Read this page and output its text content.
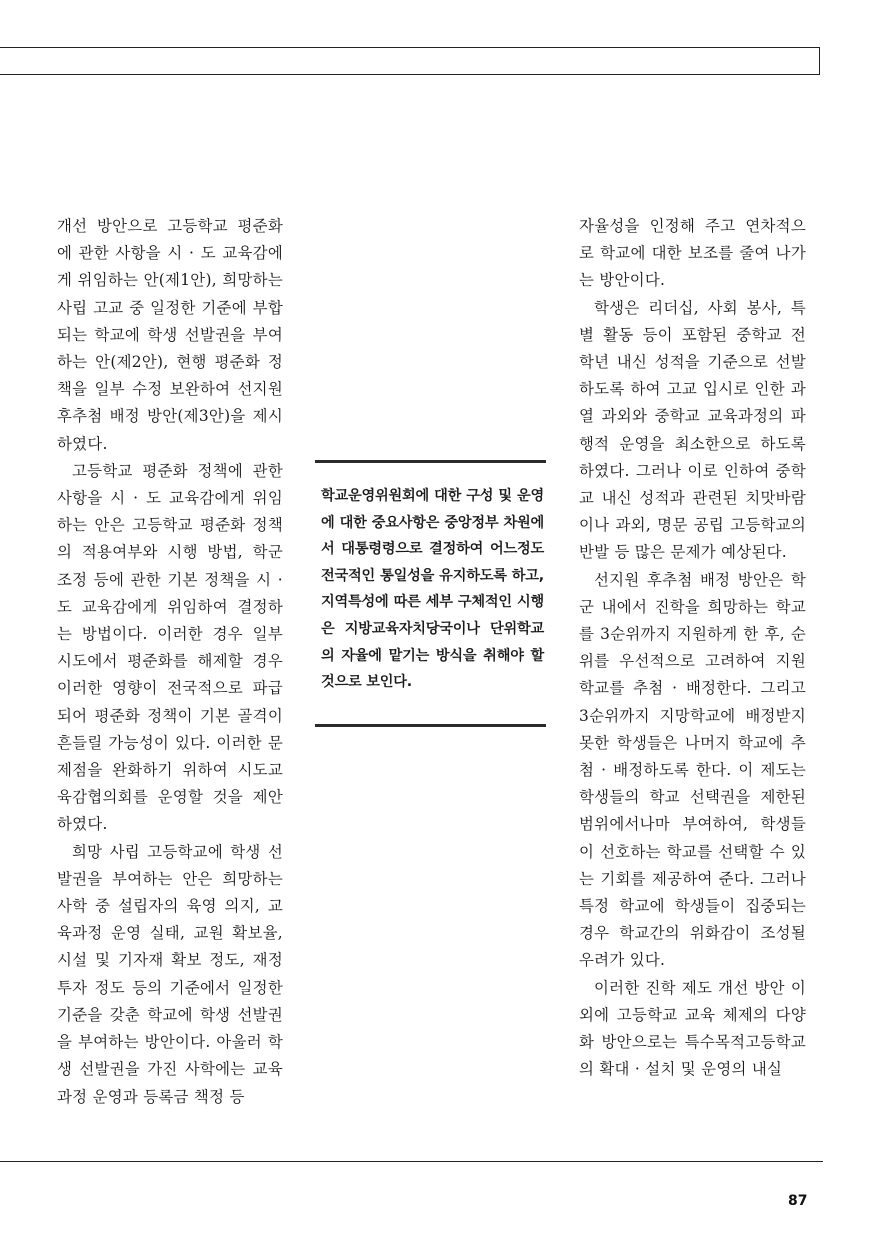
개선 방안으로 고등학교 평준화에 관한 사항을 시 · 도 교육감에게 위임하는 안(제1안), 희망하는 사립 고교 중 일정한 기준에 부합되는 학교에 학생 선발권을 부여하는 안(제2안), 현행 평준화 정책을 일부 수정 보완하여 선지원 후추첨 배정 방안(제3안)을 제시하였다.

고등학교 평준화 정책에 관한 사항을 시 · 도 교육감에게 위임하는 안은 고등학교 평준화 정책의 적용여부와 시행 방법, 학군 조정 등에 관한 기본 정책을 시 · 도 교육감에게 위임하여 결정하는 방법이다. 이러한 경우 일부 시도에서 평준화를 해제할 경우 이러한 영향이 전국적으로 파급되어 평준화 정책이 기본 골격이 흔들릴 가능성이 있다. 이러한 문제점을 완화하기 위하여 시도교육감협의회를 운영할 것을 제안하였다.

희망 사립 고등학교에 학생 선발권을 부여하는 안은 희망하는 사학 중 설립자의 육영 의지, 교육과정 운영 실태, 교원 확보율, 시설 및 기자재 확보 정도, 재정 투자 정도 등의 기준에서 일정한 기준을 갖춘 학교에 학생 선발권을 부여하는 방안이다. 아울러 학생 선발권을 가진 사학에는 교육과정 운영과 등록금 책정 등

학교운영위원회에 대한 구성 및 운영에 대한 중요사항은 중앙정부 차원에서 대통령령으로 결정하여 어느정도 전국적인 통일성을 유지하도록 하고, 지역특성에 따른 세부 구체적인 시행은 지방교육자치당국이나 단위학교의 자율에 맡기는 방식을 취해야 할 것으로 보인다.

자율성을 인정해 주고 연차적으로 학교에 대한 보조를 줄여 나가는 방안이다.

학생은 리더십, 사회 봉사, 특별 활동 등이 포함된 중학교 전 학년 내신 성적을 기준으로 선발하도록 하여 고교 입시로 인한 과열 과외와 중학교 교육과정의 파행적 운영을 최소한으로 하도록 하였다. 그러나 이로 인하여 중학교 내신 성적과 관련된 치맛바람이나 과외, 명문 공립 고등학교의 반발 등 많은 문제가 예상된다.

선지원 후추첨 배정 방안은 학군 내에서 진학을 희망하는 학교를 3순위까지 지원하게 한 후, 순위를 우선적으로 고려하여 지원학교를 추첨 · 배정한다. 그리고 3순위까지 지망학교에 배정받지 못한 학생들은 나머지 학교에 추첨 · 배정하도록 한다. 이 제도는 학생들의 학교 선택권을 제한된 범위에서나마 부여하여, 학생들이 선호하는 학교를 선택할 수 있는 기회를 제공하여 준다. 그러나 특정 학교에 학생들이 집중되는 경우 학교간의 위화감이 조성될 우려가 있다.

이러한 진학 제도 개선 방안 이외에 고등학교 교육 체제의 다양화 방안으로는 특수목적고등학교의 확대 · 설치 및 운영의 내실

87
